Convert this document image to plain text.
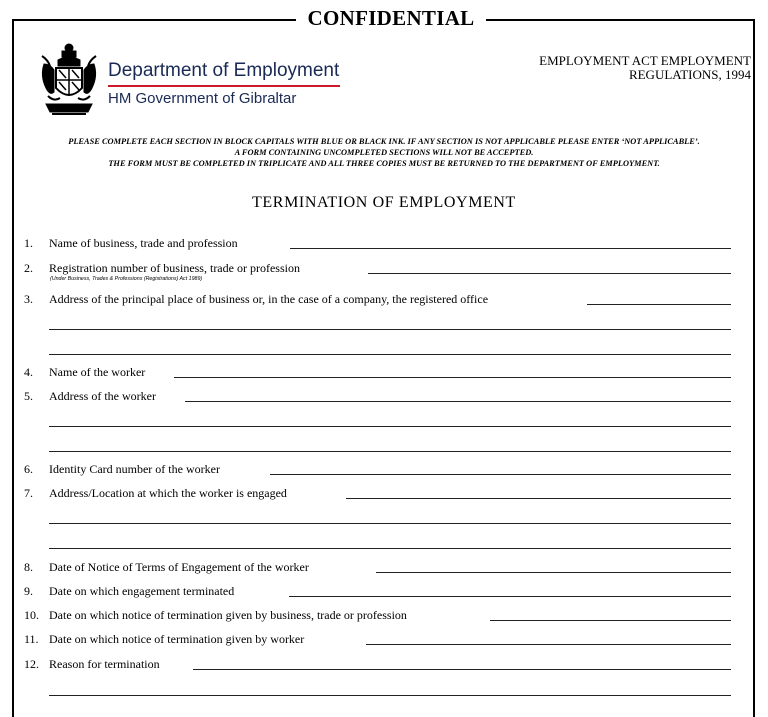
CONFIDENTIAL
Department of Employment
HM Government of Gibraltar
EMPLOYMENT ACT EMPLOYMENT
REGULATIONS, 1994
PLEASE COMPLETE EACH SECTION IN BLOCK CAPITALS WITH BLUE OR BLACK INK. IF ANY SECTION IS NOT APPLICABLE PLEASE ENTER ‘NOT APPLICABLE’.
A FORM CONTAINING UNCOMPLETED SECTIONS WILL NOT BE ACCEPTED.
THE FORM MUST BE COMPLETED IN TRIPLICATE AND ALL THREE COPIES MUST BE RETURNED TO THE DEPARTMENT OF EMPLOYMENT.
TERMINATION OF EMPLOYMENT
1. Name of business, trade and profession
2. Registration number of business, trade or profession
(Under Business, Trades & Professions (Registrations) Act 1989)
3. Address of the principal place of business or, in the case of a company, the registered office
4. Name of the worker
5. Address of the worker
6. Identity Card number of the worker
7. Address/Location at which the worker is engaged
8. Date of Notice of Terms of Engagement of the worker
9. Date on which engagement terminated
10. Date on which notice of termination given by business, trade or profession
11. Date on which notice of termination given by worker
12. Reason for termination
